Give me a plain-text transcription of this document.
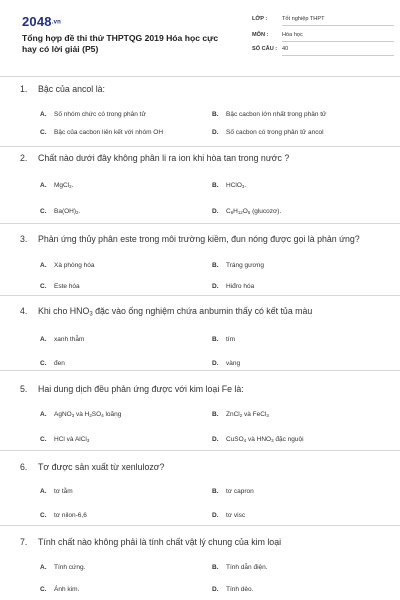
2048.vn
Tổng hợp đề thi thử THPTQG 2019 Hóa học cực hay có lời giải (P5)
LỚP :	Tốt nghiệp THPT
MÔN : Hóa học
SỐ CÂU : 40
1. Bậc của ancol là:
A. Số nhóm chức có trong phân tử	B. Bậc cacbon lớn nhất trong phân tử
C. Bậc của cacbon liên kết với nhóm OH	D. Số cacbon có trong phân tử ancol
2. Chất nào dưới đây không phân li ra ion khi hòa tan trong nước ?
A. MgCl$_2$.	B. HClO$_3$.
C. $Ba(OH)_2$.	D. $C_6H_{12}O_6$ (glucozơ).
3. Phản ứng thủy phân este trong môi trường kiềm, đun nóng được gọi là phản ứng?
A. Xà phòng hóa	B. Tráng gương
C. Este hóa	D. Hiđro hóa
4. Khi cho $HNO_3$ đặc vào ống nghiệm chứa anbumin thấy có kết tủa màu
A. xanh thẫm	B. tím
C. đen	D. vàng
5. Hai dung dịch đều phản ứng được với kim loại Fe là:
A. AgNO$_3$ và $H_2SO_4$ loãng	B. ZnCl$_2$ và FeCl$_3$
C. HCl và AlCl$_3$	D. CuSO$_4$ và $HNO_3$ đặc nguội
6. Tơ được sản xuất từ xenlulozơ?
A. tơ tằm	B. tơ capron
C. tơ nilon-6,6	D. tơ visc
7. Tính chất nào không phải là tính chất vật lý chung của kim loại
A. Tính cứng.	B. Tính dẫn điện.
C. Ánh kim.	D. Tính dẻo.
